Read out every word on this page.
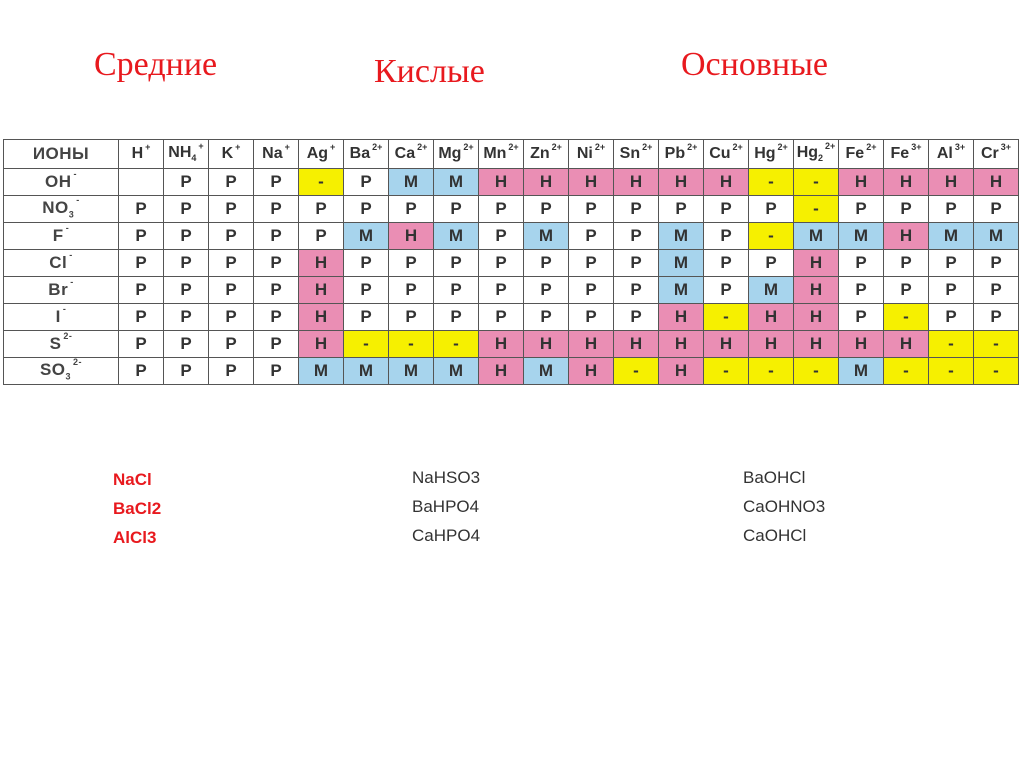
Средние	Кислые	Основные
ИОНЫ	H +	$NH_4^+$	K +	Na +	Ag +	Ba $^{2+}$	Ca $^{2+}$	Mg $^{2+}$	Mn $^{2+}$	Zn $^{2+}$	Ni $^{2+}$	Sn $^{2+}$	Pb $^{2+}$	Cu $^{2+}$	Hg $^{2+}$	$Hg_2^{2+}$	Fe $^{2+}$	Fe $^{3+}$	Al $^{3+}$	Cr $^{3+}$
OH -		P	P	P	-	P	M	M	H	H	H	H	H	H	-	-	H	H	H	H
$NO_3^-$	P	P	P	P	P	P	P	P	P	P	P	P	P	P	P	-	P	P	P	P
F -	P	P	P	P	P	M	H	M	P	M	P	P	M	P	-	M	M	H	M	M
Cl -	P	P	P	P	H	P	P	P	P	P	P	P	M	P	P	H	P	P	P	P
Br -	P	P	P	P	H	P	P	P	P	P	P	P	M	P	M	H	P	P	P	P
I -	P	P	P	P	H	P	P	P	P	P	P	P	H	-	H	H	P	-	P	P
S $^{2-}$	P	P	P	P	H	-	-	-	H	H	H	H	H	H	H	H	H	H	-	-
$SO_3^{2-}$	P	P	P	P	M	M	M	M	H	M	H	-	H	-	-	-	M	-	-	-
NaCl
BaCl2
AlCl3
NaHSO3
BaHPO4
CaHPO4
BaOHCl
CaOHNO3
CaOHCl
